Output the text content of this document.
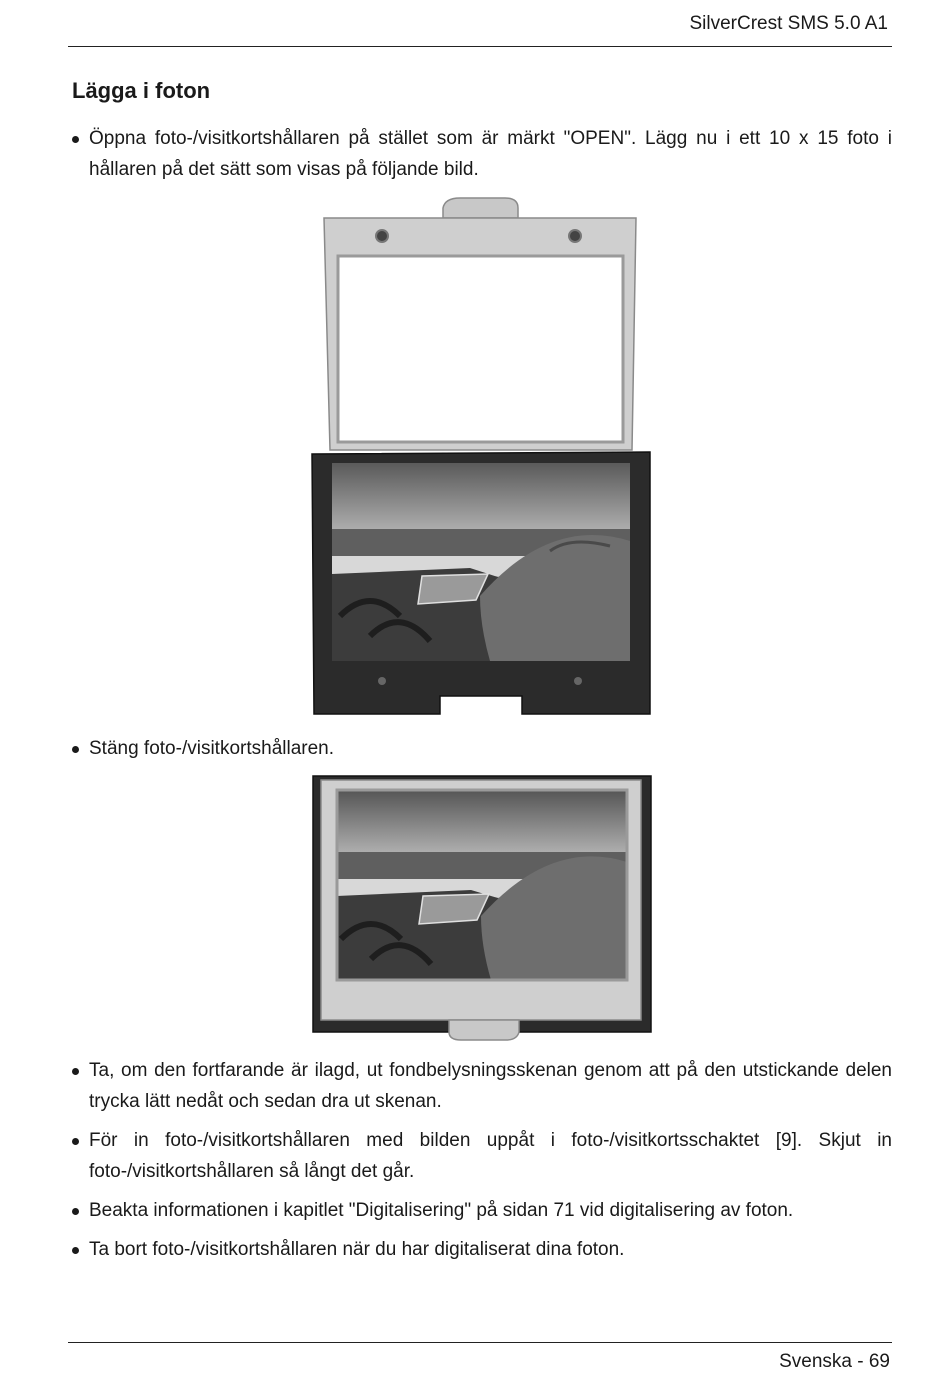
SilverCrest SMS 5.0 A1
Lägga i foton
Öppna foto-/visitkortshållaren på stället som är märkt "OPEN". Lägg nu i ett 10 x 15 foto i hållaren på det sätt som visas på följande bild.
Stäng foto-/visitkortshållaren.
Ta, om den fortfarande är ilagd, ut fondbelysningsskenan genom att på den utstickande delen trycka lätt nedåt och sedan dra ut skenan.
För in foto-/visitkortshållaren med bilden uppåt i foto-/visitkortsschaktet [9]. Skjut in foto-/visitkortshållaren så långt det går.
Beakta informationen i kapitlet "Digitalisering" på sidan 71 vid digitalisering av foton.
Ta bort foto-/visitkortshållaren när du har digitaliserat dina foton.
Svenska - 69
